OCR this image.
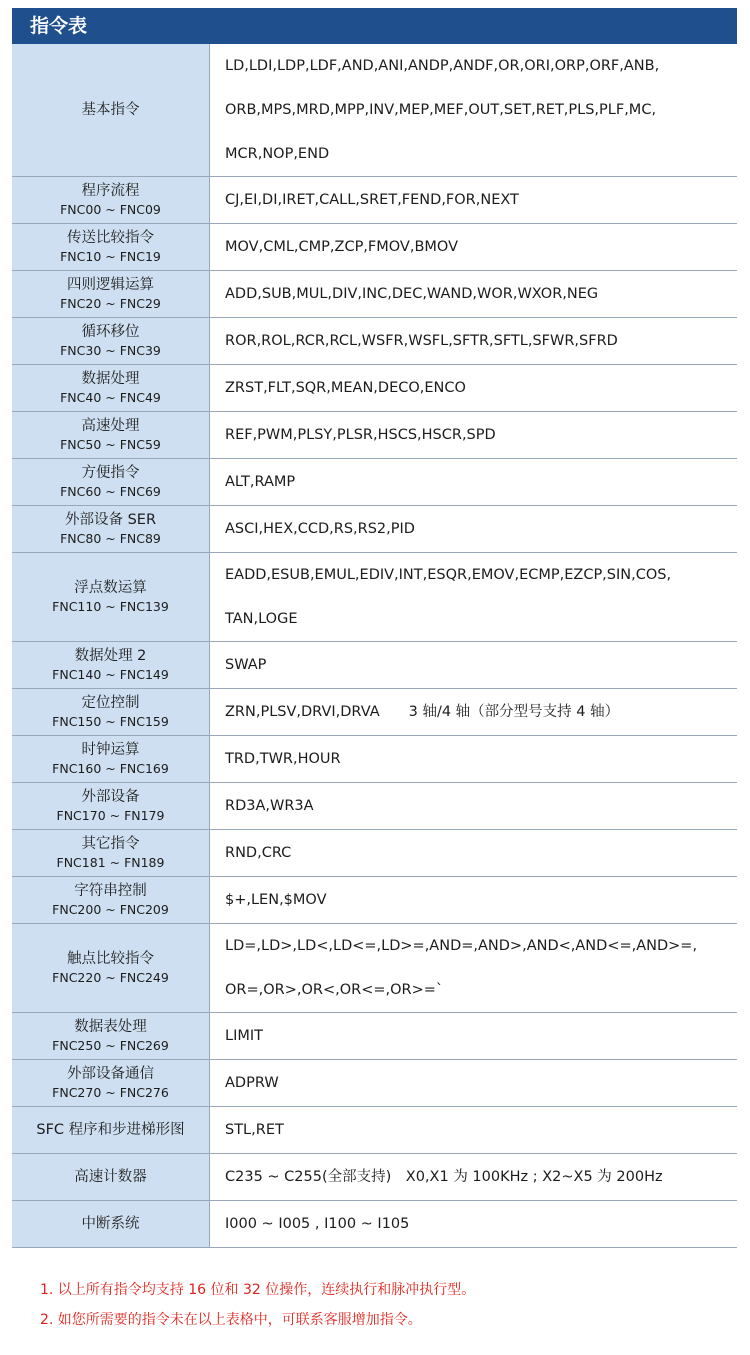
指令表
基本指令	LD,LDI,LDP,LDF,AND,ANI,ANDP,ANDF,OR,ORI,ORP,ORF,ANB,
ORB,MPS,MRD,MPP,INV,MEP,MEF,OUT,SET,RET,PLS,PLF,MC,
MCR,NOP,END

程序流程
FNC00 ~ FNC09	CJ,EI,DI,IRET,CALL,SRET,FEND,FOR,NEXT

传送比较指令
FNC10 ~ FNC19	MOV,CML,CMP,ZCP,FMOV,BMOV

四则逻辑运算
FNC20 ~ FNC29	ADD,SUB,MUL,DIV,INC,DEC,WAND,WOR,WXOR,NEG

循环移位
FNC30 ~ FNC39	ROR,ROL,RCR,RCL,WSFR,WSFL,SFTR,SFTL,SFWR,SFRD

数据处理
FNC40 ~ FNC49	ZRST,FLT,SQR,MEAN,DECO,ENCO

高速处理
FNC50 ~ FNC59	REF,PWM,PLSY,PLSR,HSCS,HSCR,SPD

方便指令
FNC60 ~ FNC69	ALT,RAMP

外部设备 SER
FNC80 ~ FNC89	ASCI,HEX,CCD,RS,RS2,PID

浮点数运算
FNC110 ~ FNC139	EADD,ESUB,EMUL,EDIV,INT,ESQR,EMOV,ECMP,EZCP,SIN,COS,
TAN,LOGE

数据处理 2
FNC140 ~ FNC149	SWAP

定位控制
FNC150 ~ FNC159	ZRN,PLSV,DRVI,DRVA　　3 轴/4 轴（部分型号支持 4 轴）

时钟运算
FNC160 ~ FNC169	TRD,TWR,HOUR

外部设备
FNC170 ~ FN179	RD3A,WR3A

其它指令
FNC181 ~ FN189	RND,CRC

字符串控制
FNC200 ~ FNC209	$+,LEN,$MOV

触点比较指令
FNC220 ~ FNC249	LD=,LD>,LD<,LD<=,LD>=,AND=,AND>,AND<,AND<=,AND>=,
OR=,OR>,OR<,OR<=,OR>=`

数据表处理
FNC250 ~ FNC269	LIMIT

外部设备通信
FNC270 ~ FNC276	ADPRW

SFC 程序和步进梯形图	STL,RET

高速计数器	C235 ~ C255(全部支持)　X0,X1 为 100KHz ; X2~X5 为 200Hz

中断系统	I000 ~ I005 , I100 ~ I105
1. 以上所有指令均支持 16 位和 32 位操作，连续执行和脉冲执行型。
2. 如您所需要的指令未在以上表格中，可联系客服增加指令。
